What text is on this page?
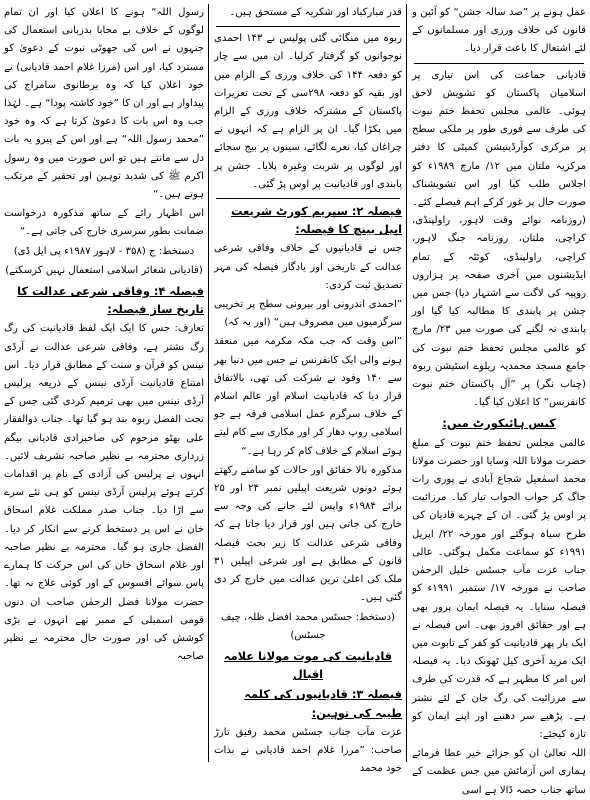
عمل ہونے پر ”صد سالہ جشن“ کو آئین و قانون کی خلاف ورزی اور مسلمانوں کے لئے اشتعال کا باعث قرار دیا۔

قادیانی جماعت کی اس تیاری پر اسلامیان پاکستان کو تشویش لاحق ہوئی۔ عالمی مجلس تحفظ ختم نبوت کی طرف سے فوری طور پر ملکی سطح پر مرکزی کوآرڈینیشن کمیٹی کا دفتر مرکزیہ ملتان میں ۱۲/ مارچ ۱۹۸۹ء کو اجلاس طلب کیا اور اس تشویشناک صورت حال پر غور کرکے اہم فیصلے کئے۔ (روزنامہ نوائے وقت لاہور، راولپنڈی، کراچی، ملتان، روزنامہ جنگ لاہور، کراچی، راولپنڈی، کوئٹہ کے تمام ایڈیشنوں میں آخری صفحہ پر ہزاروں روپیہ کی لاگت سے اشتہار دیا) جس میں جشن پر پابندی کا مطالبہ کیا گیا اور پابندی نہ لگنے کی صورت میں ۲۳/ مارچ کو عالمی مجلس تحفظ ختم نبوت کی جامع مسجد محمدیہ ریلوے اسٹیشن ربوہ (چناب نگر) پر ”آل پاکستان ختم نبوت کانفرنس“ کا اعلان کیا گیا۔

کیس ہائیکورٹ میں:

عالمی مجلس تحفظ ختم نبوت کے مبلغ حضرت مولانا اللہ وسایا اور حضرت مولانا محمد اسمٰعیل شجاع آبادی نے پوری رات جاگ کر جواب الجواب تیار کیا۔ مرزائیت پر اوس پڑ گئی۔ ان کے چہرے قادیان کی طرح سیاہ ہوگئے اور مورخہ ۲۲/ اپریل ۱۹۹۱ء کو سماعت مکمل ہوگئی۔ عالی جناب عزت مآب جسٹس خلیل الرحمٰن صاحب نے مورخہ ۱۷/ ستمبر ۱۹۹۱ء کو فیصلہ سنایا۔ یہ فیصلہ ایمان پرور بھی ہے اور حقائق افروز بھی۔ اس فیصلہ نے ایک بار پھر قادیانیت کو کفر کے تابوت میں ایک مزید آخری کیل ٹھونک دیا۔ یہ فیصلہ اس امر کا مظہر ہے کہ قدرت کی طرف سے مرزائیت کی رگ جان کے لئے نشتر ہے۔ پڑھیے سر دھنیے اور اپنے ایمان کو تازہ کیجئے:

اللہ تعالیٰ ان کو جزائے خیر عطا فرمائے ہماری اس آزمائش میں جس عظمت کے ساتھ جناب حصہ ڈالا ہے اسی

قدر مبارکباد اور شکریہ کے مستحق ہیں۔

ربوہ میں منگائی گئی پولیس نے ۱۴۳ احمدی نوجوانوں کو گرفتار کرلیا۔ ان میں سے چار کو دفعہ ۱۴۴ کی خلاف ورزی کے الزام میں اور بقیہ کو دفعہ ۲۹۸سی کے تحت تعزیرات پاکستان کے مشترکہ خلاف ورزی کے الزام میں پکڑا گیا۔ ان پر الزام ہے کہ انہوں نے چراغاں کیا، نعرے لگائے، سینوں پر بیج سجائے اور لوگوں پر شربت وغیرہ پلایا۔ جشن پر پابندی اور قادیانیت پر اوس پڑ گئی۔

فیصلہ ۲: سپریم کورٹ شریعت اپیل بینچ کا فیصلہ:

جس نے قادیانیوں کے خلاف وفاقی شرعی عدالت کے تاریخی اور یادگار فیصلہ کی مہر تصدیق ثبت کردی:

”احمدی اندرونی اور بیرونی سطح پر تخریبی سرگرمیوں میں مصروف ہیں“ (اور یہ کہ)

”اس وقت کہ جب مکہ مکرمہ میں منعقد ہونے والی ایک کانفرنس نے جس میں دنیا بھر سے ۱۴۰ وفود نے شرکت کی تھی، بالاتفاق قرار دیا کہ قادیانیت اسلام اور عالم اسلام کے خلاف سرگرم عمل اسلامی فرقہ ہے جو اسلامی روپ دھار کر اور مکاری سے کام لیتے ہوئے اسلام کے خلاف کام کر رہا ہے۔“

مذکورہ بالا حقائق اور حالات کو سامنے رکھتے ہوئے دونوں شریعت اپیلیں نمبر ۲۴ اور ۲۵ برائے ۱۹۸۴ء واپس لئے جانے کی وجہ سے خارج کی جاتی ہیں اور قرار دیا جاتا ہے کہ وفاقی شرعی عدالت کا زیر بحث فیصلہ قانون کے مطابق ہے اور شرعی اپیلیں ۳۱ ملک کی اعلیٰ ترین عدالت میں خارج کر دی گئی ہیں۔

(دستخط: جسٹس محمد افضل ظلہ، چیف جسٹس)

قادیانیت کی موت مولانا علامہ اقبال
فیصلہ ۳: قادیانیوں کی کلمہ طیبہ کی توہین:

عزت مآب جناب جسٹس محمد رفیق تارڑ صاحب: ”مرزا غلام احمد قادیانی نے بذات خود محمد

رسول اللہ“ ہونے کا اعلان کیا اور ان تمام لوگوں کے خلاف بے محابا بدزبانی استعمال کی جنہوں نے اس کی جھوٹی نبوت کے دعویٰ کو مسترد کیا، اور اس (مرزا غلام احمد قادیانی) نے خود اعلان کیا کہ وہ برطانوی سامراج کی پیداوار ہے اور ان کا ”خود کاشتہ پودا“ ہے۔ لہٰذا جب وہ اس بات کا دعویٰ کرتا ہے کہ وہ خود ”محمد رسول اللہ“ ہے اور اس کے پیرو یہ بات دل سے مانتے ہیں تو اس صورت میں وہ رسول اکرم ﷺ کی شدید توہین اور تحقیر کے مرتکب ہوتے ہیں۔“

اس اظہار رائے کے ساتھ مذکورہ درخواست ضمانت بطور سرسری خارج کی جاتی ہے۔“

دستخط: ج (۳۵۸ - لاہور ۱۹۸۷ء پی ایل ڈی)

(قادیانی شعائر اسلامی استعمال نہیں کرسکتے)

فیصلہ ۴: وفاقی شرعی عدالت کا تاریخ ساز فیصلہ:

تعارف: جس کا ایک ایک لفظ قادیانیت کی رگ رگ نشتر ہے، وفاقی شرعی عدالت نے آرڈی نینس کو قرآن و سنت کے مطابق قرار دیا۔ اس امتناع قادیانیت آرڈی نینس کے ذریعہ پرلیس آرڈی نینس میں بھی ترمیم کردی گئی جس کے تحت الفضل ربوہ بند ہو گیا تھا۔ جناب ذوالفقار علی بھٹو مرحوم کی صاحبزادی قادیانی بیگم زرداری محترمہ بے نظیر صاحبہ تشریف لائیں۔ انہوں نے پرلیس کی آزادی کے نام پر اقدامات کرتے ہوئے پرلیس آرڈی نینس کو ہی نئے سرے سے اڑا دیا۔ جناب صدر مملکت غلام اسحاق خان نے اس پر دستخط کرنے سے انکار کر دیا۔ الفضل جاری ہو گیا۔ محترمہ بے نظیر صاحبہ اور غلام اسحاق خان کی اس حرکت کا ہمارے پاس سوائے افسوس کے اور کوئی علاج نہ تھا۔ حضرت مولانا فضل الرحمٰن صاحب ان دنوں قومی اسمبلی کے ممبر تھے انہوں نے بڑی کوشش کی اور صورت حال محترمہ بے نظیر صاحبہ
